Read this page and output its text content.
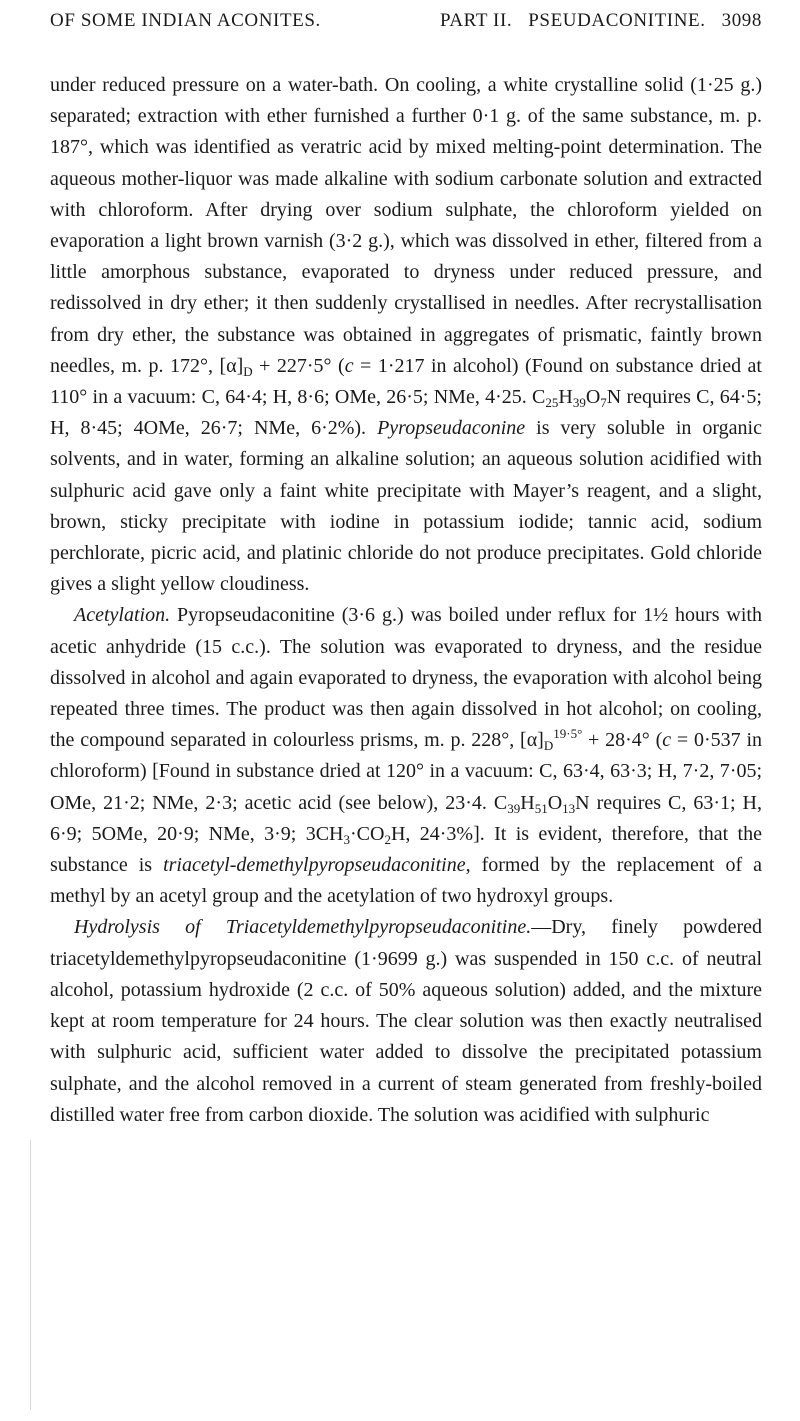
OF SOME INDIAN ACONITES.	PART II. PSEUDACONITINE. 3098

under reduced pressure on a water-bath. On cooling, a white crystalline solid (1·25 g.) separated; extraction with ether furnished a further 0·1 g. of the same substance, m. p. 187°, which was identified as veratric acid by mixed melting-point determination. The aqueous mother-liquor was made alkaline with sodium carbonate solution and extracted with chloroform. After drying over sodium sulphate, the chloroform yielded on evaporation a light brown varnish (3·2 g.), which was dissolved in ether, filtered from a little amorphous substance, evaporated to dryness under reduced pressure, and redissolved in dry ether; it then suddenly crystallised in needles. After recrystallisation from dry ether, the substance was obtained in aggregates of prismatic, faintly brown needles, m. p. 172°, $[\alpha]_D + 227\cdot 5^\circ$ (c = 1·217 in alcohol) (Found on substance dried at 110° in a vacuum: C, 64·4; H, 8·6; OMe, 26·5; NMe, 4·25. $C_{25}H_{39}O_7N$ requires C, 64·5; H, 8·45; 4OMe, 26·7; NMe, 6·2%). Pyropseudaconine is very soluble in organic solvents, and in water, forming an alkaline solution; an aqueous solution acidified with sulphuric acid gave only a faint white precipitate with Mayer’s reagent, and a slight, brown, sticky precipitate with iodine in potassium iodide; tannic acid, sodium perchlorate, picric acid, and platinic chloride do not produce precipitates. Gold chloride gives a slight yellow cloudiness.

Acetylation. Pyropseudaconitine (3·6 g.) was boiled under reflux for 1½ hours with acetic anhydride (15 c.c.). The solution was evaporated to dryness, and the residue dissolved in alcohol and again evaporated to dryness, the evaporation with alcohol being repeated three times. The product was then again dissolved in hot alcohol; on cooling, the compound separated in colourless prisms, m. p. 228°, $[\alpha]_D^{19\cdot 5^\circ} + 28\cdot 4^\circ$ (c = 0·537 in chloroform) [Found in substance dried at 120° in a vacuum: C, 63·4, 63·3; H, 7·2, 7·05; OMe, 21·2; NMe, 2·3; acetic acid (see below), 23·4. $C_{39}H_{51}O_{13}N$ requires C, 63·1; H, 6·9; 5OMe, 20·9; NMe, 3·9; $3CH_3\cdot CO_2H$, 24·3%]. It is evident, therefore, that the substance is triacetyl-demethylpyropseudaconitine, formed by the replacement of a methyl by an acetyl group and the acetylation of two hydroxyl groups.

Hydrolysis of Triacetyldemethylpyropseudaconitine.—Dry, finely powdered triacetyldemethylpyropseudaconitine (1·9699 g.) was suspended in 150 c.c. of neutral alcohol, potassium hydroxide (2 c.c. of 50% aqueous solution) added, and the mixture kept at room temperature for 24 hours. The clear solution was then exactly neutralised with sulphuric acid, sufficient water added to dissolve the precipitated potassium sulphate, and the alcohol removed in a current of steam generated from freshly-boiled distilled water free from carbon dioxide. The solution was acidified with sulphuric
